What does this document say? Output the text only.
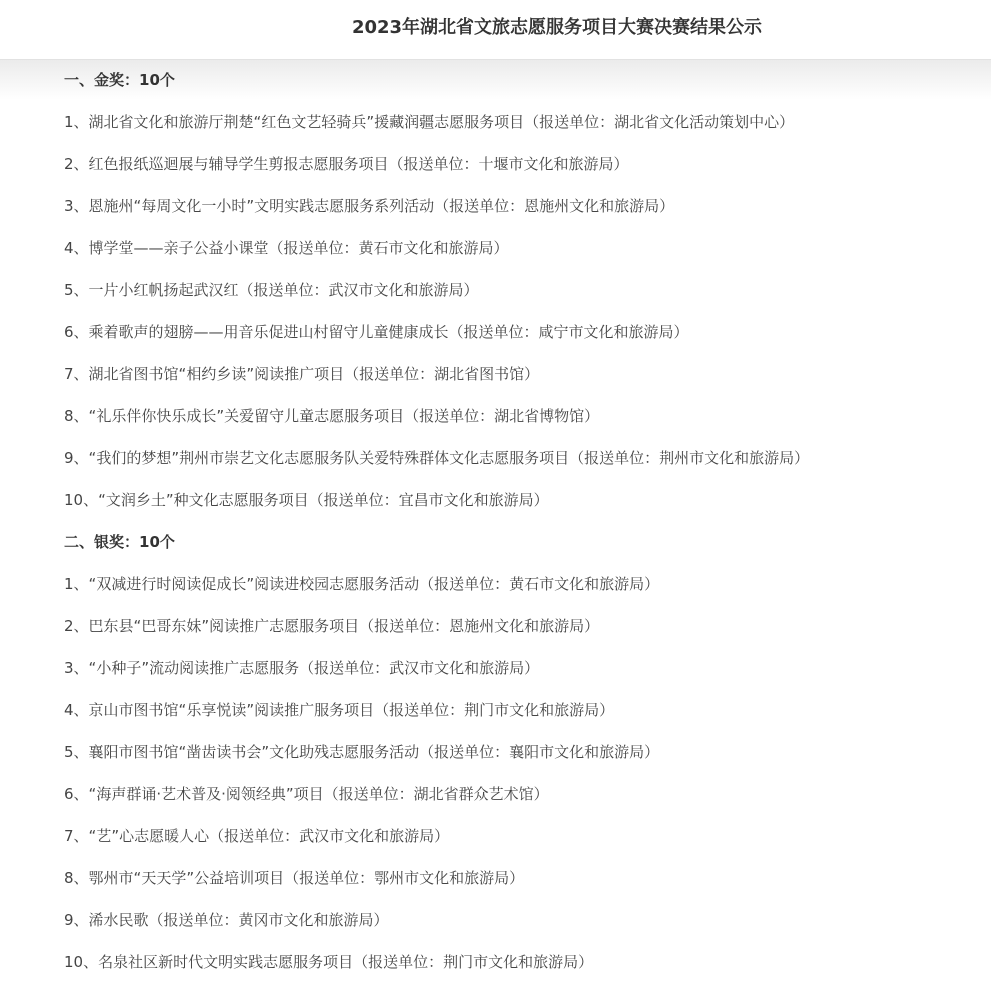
2023年湖北省文旅志愿服务项目大赛决赛结果公示
一、金奖：10个
1、湖北省文化和旅游厅荆楚“红色文艺轻骑兵”援藏润疆志愿服务项目（报送单位：湖北省文化活动策划中心）
2、红色报纸巡迴展与辅导学生剪报志愿服务项目（报送单位：十堰市文化和旅游局）
3、恩施州“每周文化一小时”文明实践志愿服务系列活动（报送单位：恩施州文化和旅游局）
4、博学堂——亲子公益小课堂（报送单位：黄石市文化和旅游局）
5、一片小红帆扬起武汉红（报送单位：武汉市文化和旅游局）
6、乘着歌声的翅膀——用音乐促进山村留守儿童健康成长（报送单位：咸宁市文化和旅游局）
7、湖北省图书馆“相约乡读”阅读推广项目（报送单位：湖北省图书馆）
8、“礼乐伴你快乐成长”关爱留守儿童志愿服务项目（报送单位：湖北省博物馆）
9、“我们的梦想”荆州市崇艺文化志愿服务队关爱特殊群体文化志愿服务项目（报送单位：荆州市文化和旅游局）
10、“文润乡土”种文化志愿服务项目（报送单位：宜昌市文化和旅游局）
二、银奖：10个
1、“双减进行时阅读促成长”阅读进校园志愿服务活动（报送单位：黄石市文化和旅游局）
2、巴东县“巴哥东妹”阅读推广志愿服务项目（报送单位：恩施州文化和旅游局）
3、“小种子”流动阅读推广志愿服务（报送单位：武汉市文化和旅游局）
4、京山市图书馆“乐享悦读”阅读推广服务项目（报送单位：荆门市文化和旅游局）
5、襄阳市图书馆“凿齿读书会”文化助残志愿服务活动（报送单位：襄阳市文化和旅游局）
6、“海声群诵·艺术普及·阅领经典”项目（报送单位：湖北省群众艺术馆）
7、“艺”心志愿暖人心（报送单位：武汉市文化和旅游局）
8、鄂州市“天天学”公益培训项目（报送单位：鄂州市文化和旅游局）
9、浠水民歌（报送单位：黄冈市文化和旅游局）
10、名泉社区新时代文明实践志愿服务项目（报送单位：荆门市文化和旅游局）
